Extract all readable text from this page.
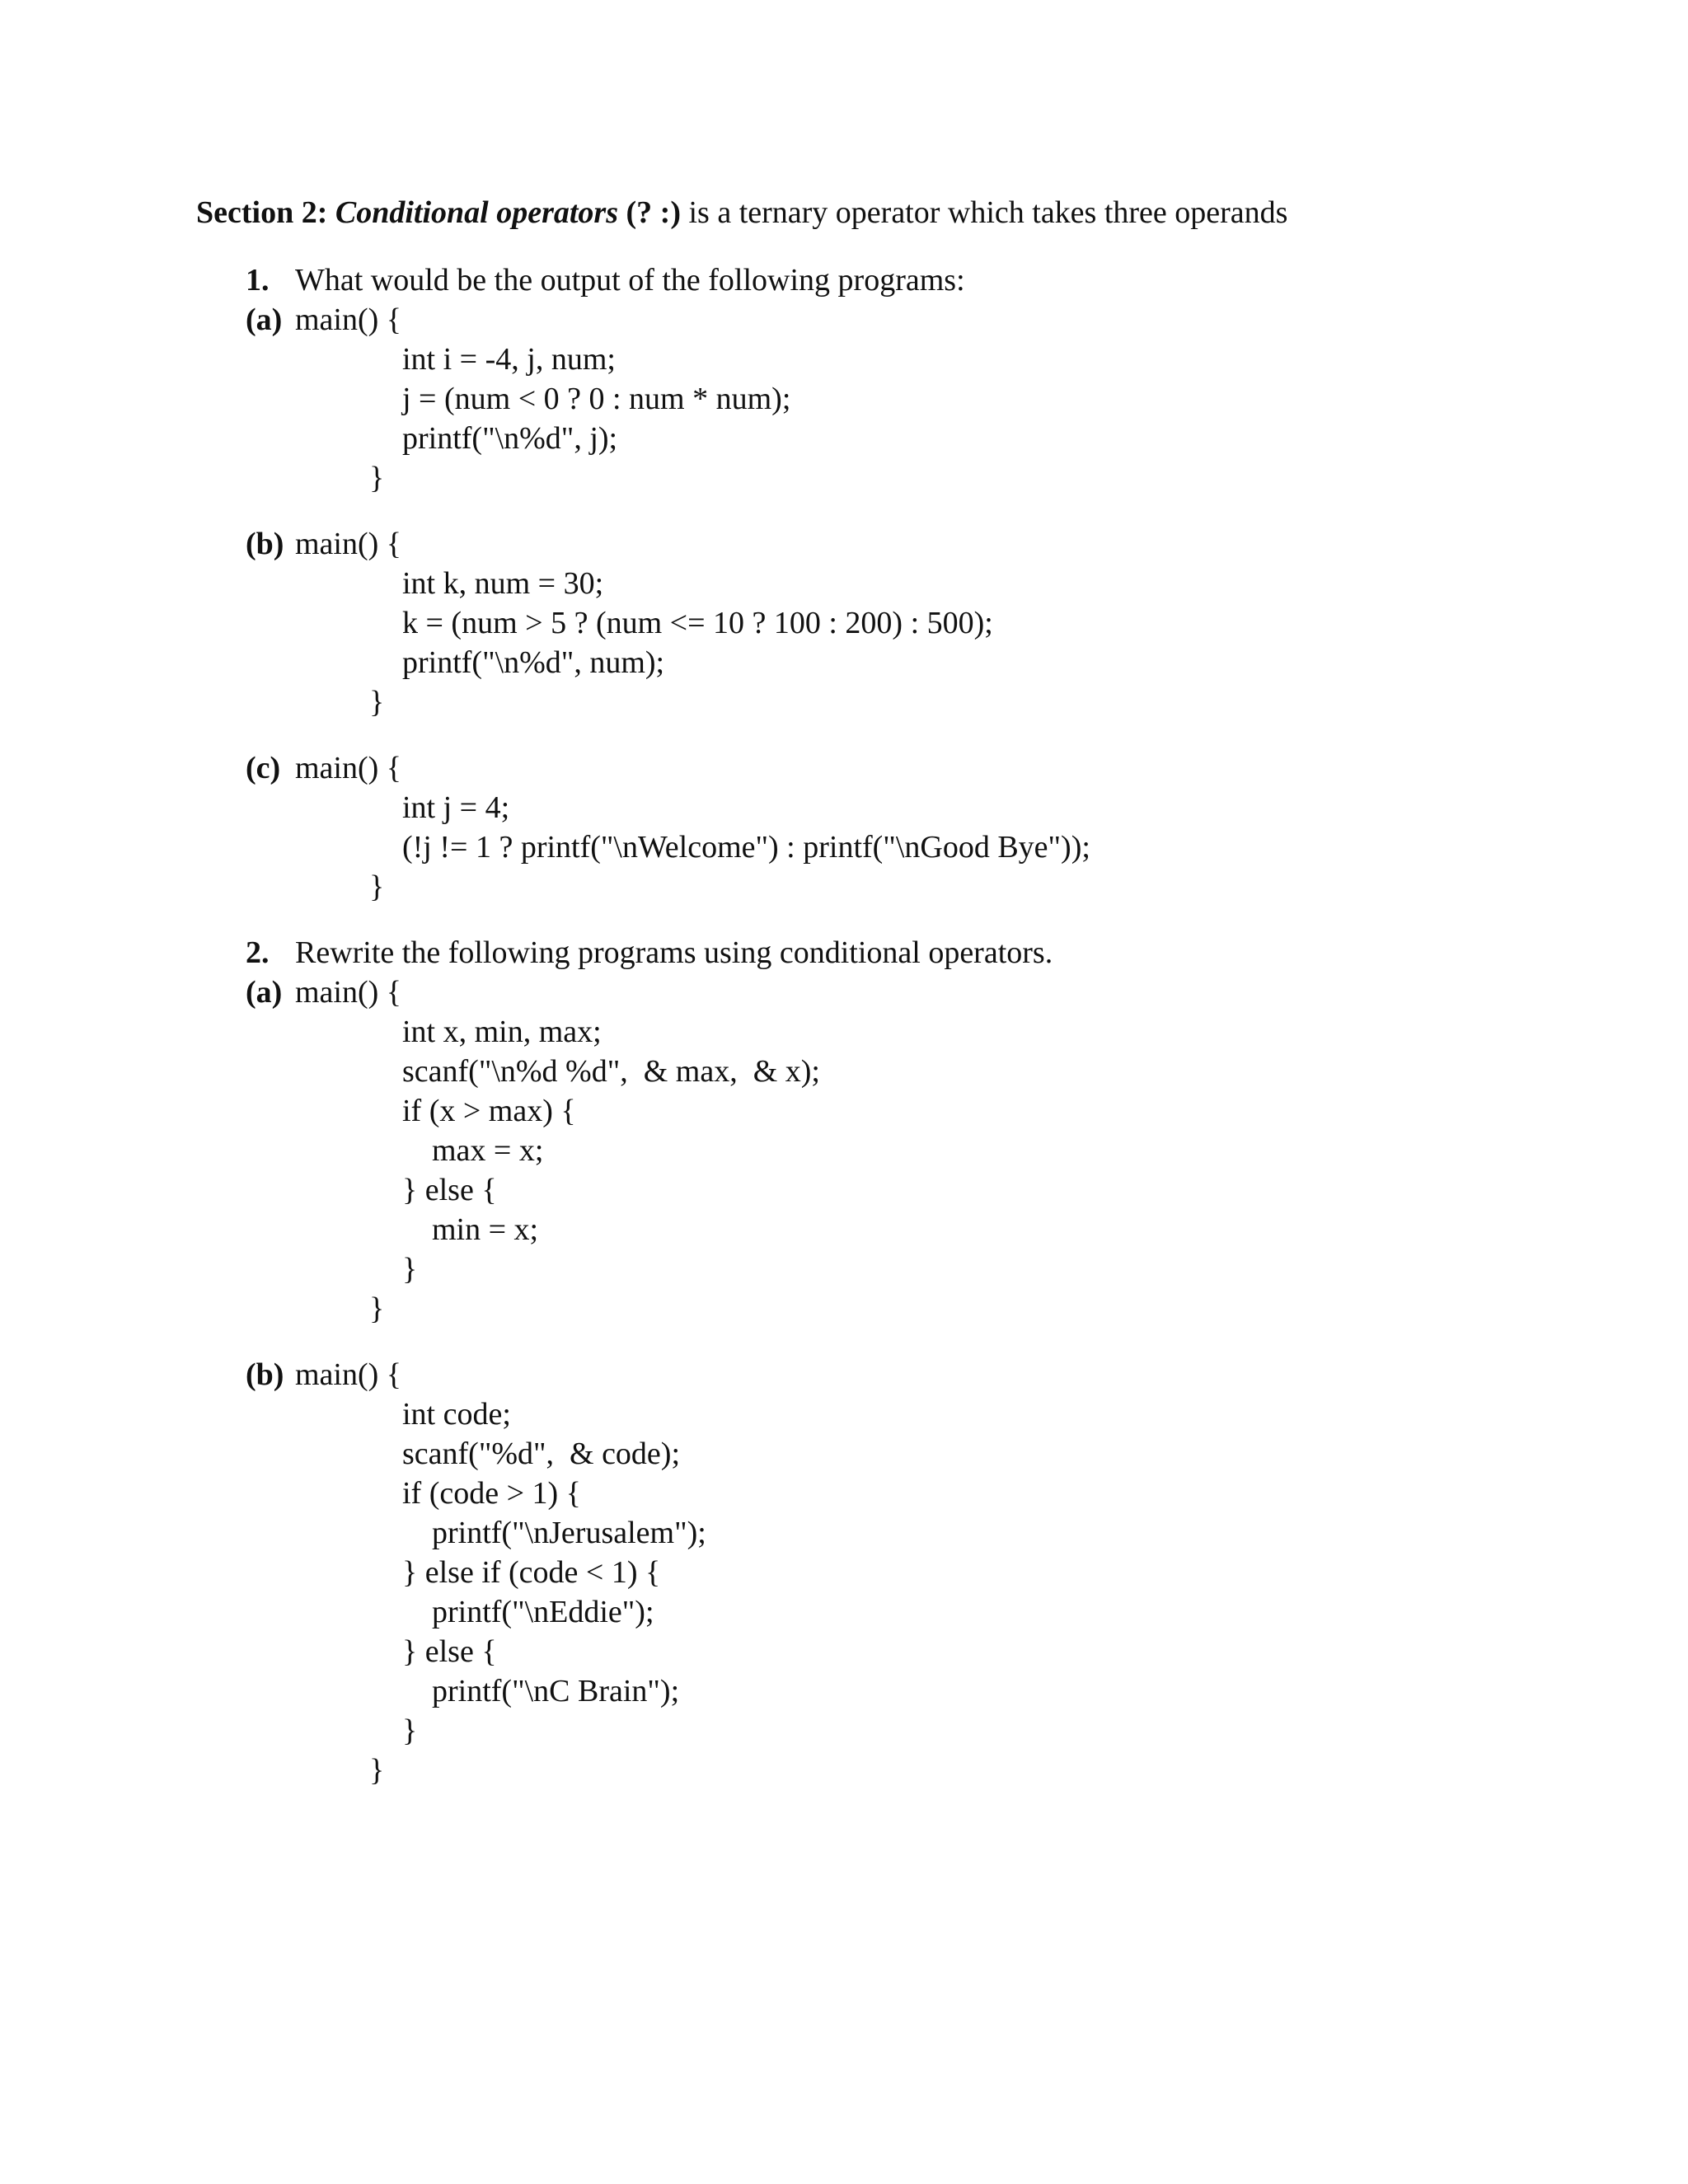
Section 2: Conditional operators (? :) is a ternary operator which takes three operands
1. What would be the output of the following programs:
(a) main() {
int i = -4, j, num;
j = (num < 0 ? 0 : num * num);
printf("\n%d", j);
}
(b) main() {
int k, num = 30;
k = (num > 5 ? (num <= 10 ? 100 : 200) : 500);
printf("\n%d", num);
}
(c) main() {
int j = 4;
(!j != 1 ? printf("\nWelcome") : printf("\nGood Bye"));
}
2. Rewrite the following programs using conditional operators.
(a) main() {
int x, min, max;
scanf("\n%d %d",  & max,  & x);
if (x > max) {
max = x;
} else {
min = x;
}
}
(b) main() {
int code;
scanf("%d",  & code);
if (code > 1) {
printf("\nJerusalem");
} else if (code < 1) {
printf("\nEddie");
} else {
printf("\nC Brain");
}
}
